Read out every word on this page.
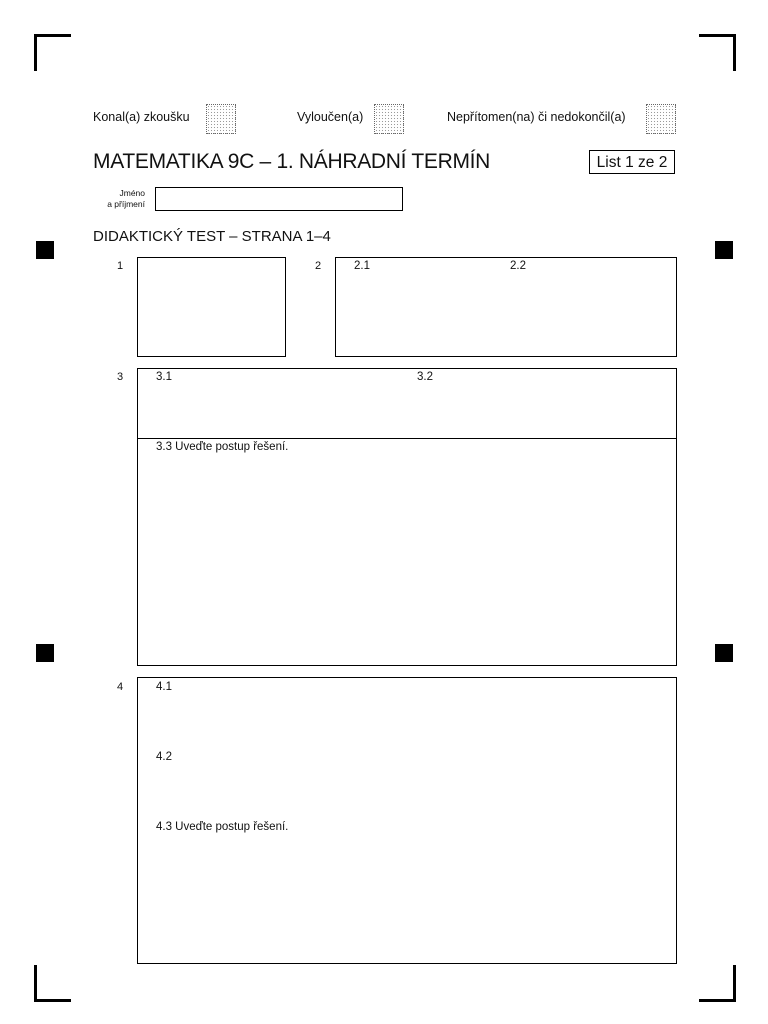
Konal(a) zkoušku	Vyloučen(a)	Nepřítomen(na) či nedokončil(a)
MATEMATIKA 9C – 1. NÁHRADNÍ TERMÍN	List 1 ze 2
Jméno
a příjmení
DIDAKTICKÝ TEST – STRANA 1–4
1	2	2.1	2.2
3	3.1	3.2
3.3 Uveďte postup řešení.
4	4.1
4.2
4.3 Uveďte postup řešení.
